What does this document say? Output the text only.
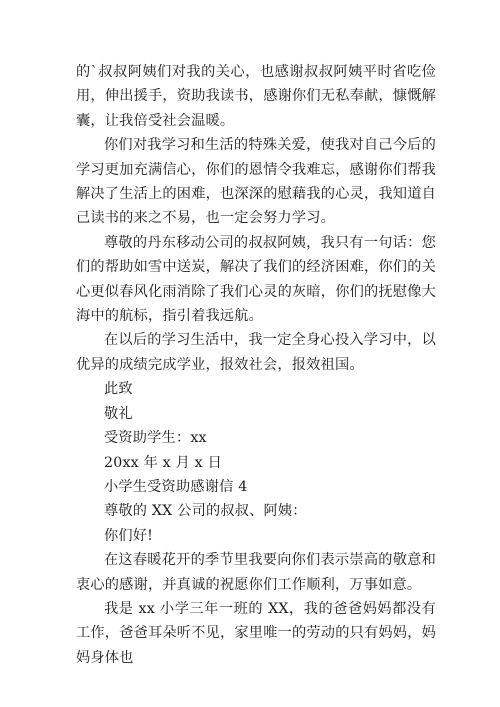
的`叔叔阿姨们对我的关心，也感谢叔叔阿姨平时省吃俭用，伸出援手，资助我读书，感谢你们无私奉献，慷慨解囊，让我倍受社会温暖。

你们对我学习和生活的特殊关爱，使我对自己今后的学习更加充满信心，你们的恩情令我难忘，感谢你们帮我解决了生活上的困难，也深深的慰藉我的心灵，我知道自己读书的来之不易，也一定会努力学习。

尊敬的丹东移动公司的叔叔阿姨，我只有一句话：您们的帮助如雪中送炭，解决了我们的经济困难，你们的关心更似春风化雨消除了我们心灵的灰暗，你们的抚慰像大海中的航标，指引着我远航。

在以后的学习生活中，我一定全身心投入学习中，以优异的成绩完成学业，报效社会，报效祖国。

此致

敬礼

受资助学生：xx

20xx 年 x 月 x 日

小学生受资助感谢信 4

尊敬的 XX 公司的叔叔、阿姨：

你们好!

在这春暖花开的季节里我要向你们表示崇高的敬意和衷心的感谢，并真诚的祝愿你们工作顺利，万事如意。

我是 xx 小学三年一班的 XX，我的爸爸妈妈都没有工作，爸爸耳朵听不见，家里唯一的劳动的只有妈妈，妈妈身体也
